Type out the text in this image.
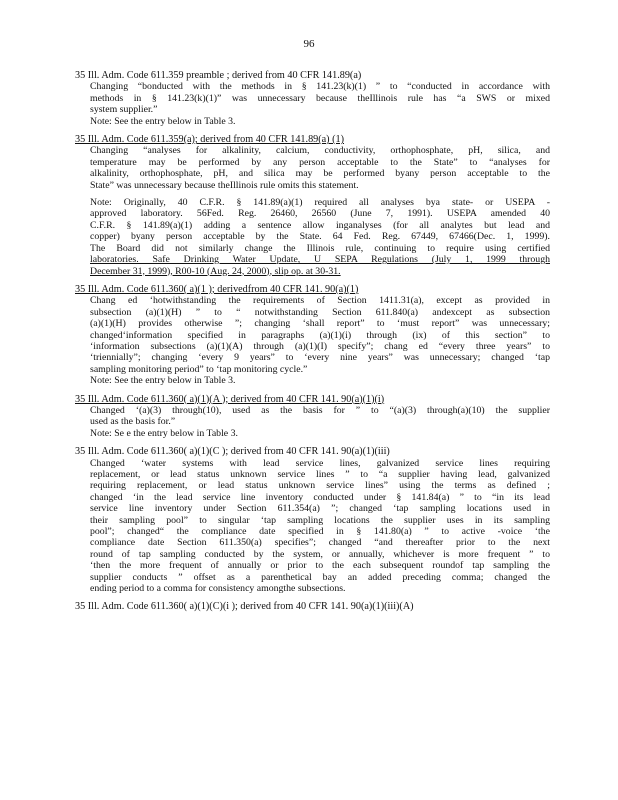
96
35 Ill. Adm. Code 611.359 preamble ; derived from 40 CFR 141.89(a)
Changing “bonducted with the methods in § 141.23(k)(1) ” to “conducted in accordance with
methods in § 141.23(k)(1)” was unnecessary because theIllinois rule has “a SWS or mixed
system supplier.”
Note: See the entry below in Table 3.
35 Ill. Adm. Code 611.359(a); derived from 40 CFR 141.89(a) (1)
Changing “analyses for alkalinity, calcium, conductivity, orthophosphate, pH, silica, and
temperature may be performed by any person acceptable to the State” to “analyses for
alkalinity, orthophosphate, pH, and silica may be performed byany person acceptable to the
State” was unnecessary because theIllinois rule omits this statement.
Note: Originally, 40 C.F.R. § 141.89(a)(1) required all analyses bya state- or USEPA -
approved laboratory. 56Fed. Reg. 26460, 26560 (June 7, 1991). USEPA amended 40
C.F.R. § 141.89(a)(1) adding a sentence allow inganalyses (for all analytes but lead and
copper) byany person acceptable by the State. 64 Fed. Reg. 67449, 67466(Dec. 1, 1999).
The Board did not similarly change the Illinois rule, continuing to require using certified
laboratories. Safe Drinking Water Update, U SEPA Regulations (July 1, 1999 through
December 31, 1999), R00-10 (Aug. 24, 2000), slip op. at 30-31.
35 Ill. Adm. Code 611.360( a)(1 ); derivedfrom 40 CFR 141. 90(a)(1)
Chang ed ‘hotwithstanding the requirements of Section 1411.31(a), except as provided in
subsection (a)(1)(H) ” to “ notwithstanding Section 611.840(a) andexcept as subsection
(a)(1)(H) provides otherwise ”; changing ‘shall report” to ‘must report” was unnecessary;
changed‘information specified in paragraphs (a)(1)(i) through (ix) of this section” to
‘information subsections (a)(1)(A) through (a)(1)(I) specify”; chang ed “every three years” to
‘triennially”; changing ‘every 9 years” to ‘every nine years” was unnecessary; changed ‘tap
sampling monitoring period” to ‘tap monitoring cycle.”
Note: See the entry below in Table 3.
35 Ill. Adm. Code 611.360( a)(1)(A ); derived from 40 CFR 141. 90(a)(1)(i)
Changed ‘(a)(3) through(10), used as the basis for ” to “(a)(3) through(a)(10) the supplier
used as the basis for.”
Note: Se e the entry below in Table 3.
35 Ill. Adm. Code 611.360( a)(1)(C ); derived from 40 CFR 141. 90(a)(1)(iii)
Changed ‘water systems with lead service lines, galvanized service lines requiring
replacement, or lead status unknown service lines ” to “a supplier having lead, galvanized
requiring replacement, or lead status unknown service lines” using the terms as defined ;
changed ‘in the lead service line inventory conducted under § 141.84(a) ” to “in its lead
service line inventory under Section 611.354(a) ”; changed ‘tap sampling locations used in
their sampling pool” to singular ‘tap sampling locations the supplier uses in its sampling
pool”; changed“ the compliance date specified in § 141.80(a) ” to active -voice ‘the
compliance date Section 611.350(a) specifies”; changed “and thereafter prior to the next
round of tap sampling conducted by the system, or annually, whichever is more frequent ” to
‘then the more frequent of annually or prior to the each subsequent roundof tap sampling the
supplier conducts ” offset as a parenthetical bay an added preceding comma; changed the
ending period to a comma for consistency amongthe subsections.
35 Ill. Adm. Code 611.360( a)(1)(C)(i ); derived from 40 CFR 141. 90(a)(1)(iii)(A)
